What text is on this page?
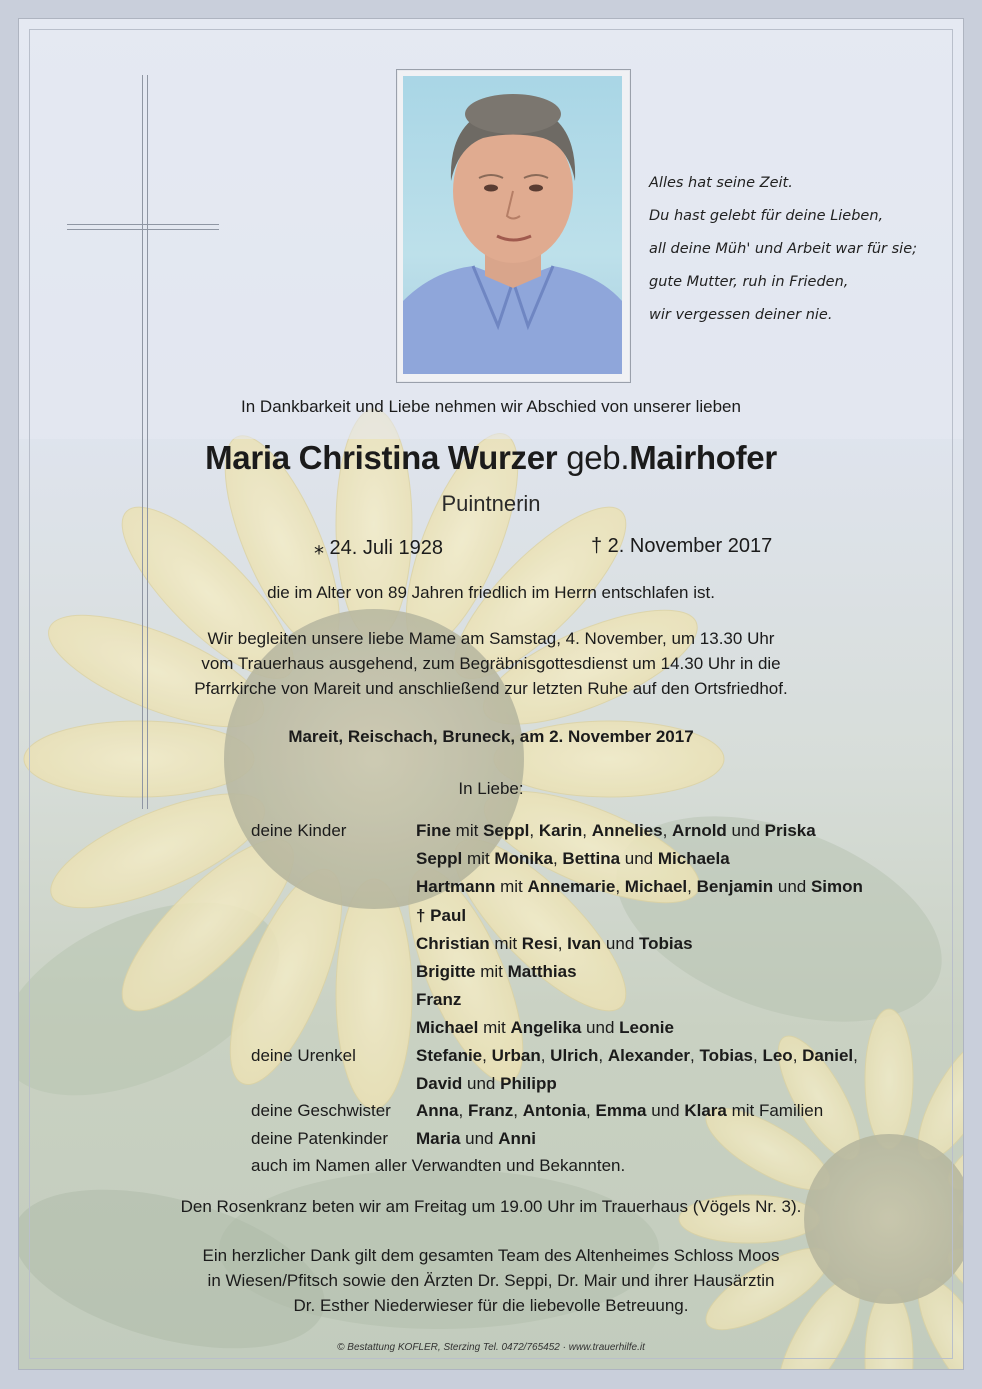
Alles hat seine Zeit.
Du hast gelebt für deine Lieben,
all deine Müh' und Arbeit war für sie;
gute Mutter, ruh in Frieden,
wir vergessen deiner nie.
In Dankbarkeit und Liebe nehmen wir Abschied von unserer lieben
Maria Christina Wurzer geb.Mairhofer
Puintnerin
⁎ 24. Juli 1928	† 2. November 2017
die im Alter von 89 Jahren friedlich im Herrn entschlafen ist.
Wir begleiten unsere liebe Mame am Samstag, 4. November, um 13.30 Uhr
vom Trauerhaus ausgehend, zum Begräbnisgottesdienst um 14.30 Uhr in die
Pfarrkirche von Mareit und anschließend zur letzten Ruhe auf den Ortsfriedhof.
Mareit, Reischach, Bruneck, am 2. November 2017
In Liebe:
deine Kinder	Fine mit Seppl, Karin, Annelies, Arnold und Priska
Seppl mit Monika, Bettina und Michaela
Hartmann mit Annemarie, Michael, Benjamin und Simon
† Paul
Christian mit Resi, Ivan und Tobias
Brigitte mit Matthias
Franz
Michael mit Angelika und Leonie
deine Urenkel	Stefanie, Urban, Ulrich, Alexander, Tobias, Leo, Daniel,
David und Philipp
deine Geschwister Anna, Franz, Antonia, Emma und Klara mit Familien
deine Patenkinder Maria und Anni
auch im Namen aller Verwandten und Bekannten.
Den Rosenkranz beten wir am Freitag um 19.00 Uhr im Trauerhaus (Vögels Nr. 3).
Ein herzlicher Dank gilt dem gesamten Team des Altenheimes Schloss Moos
in Wiesen/Pfitsch sowie den Ärzten Dr. Seppi, Dr. Mair und ihrer Hausärztin
Dr. Esther Niederwieser für die liebevolle Betreuung.
© Bestattung KOFLER, Sterzing Tel. 0472/765452 · www.trauerhilfe.it
